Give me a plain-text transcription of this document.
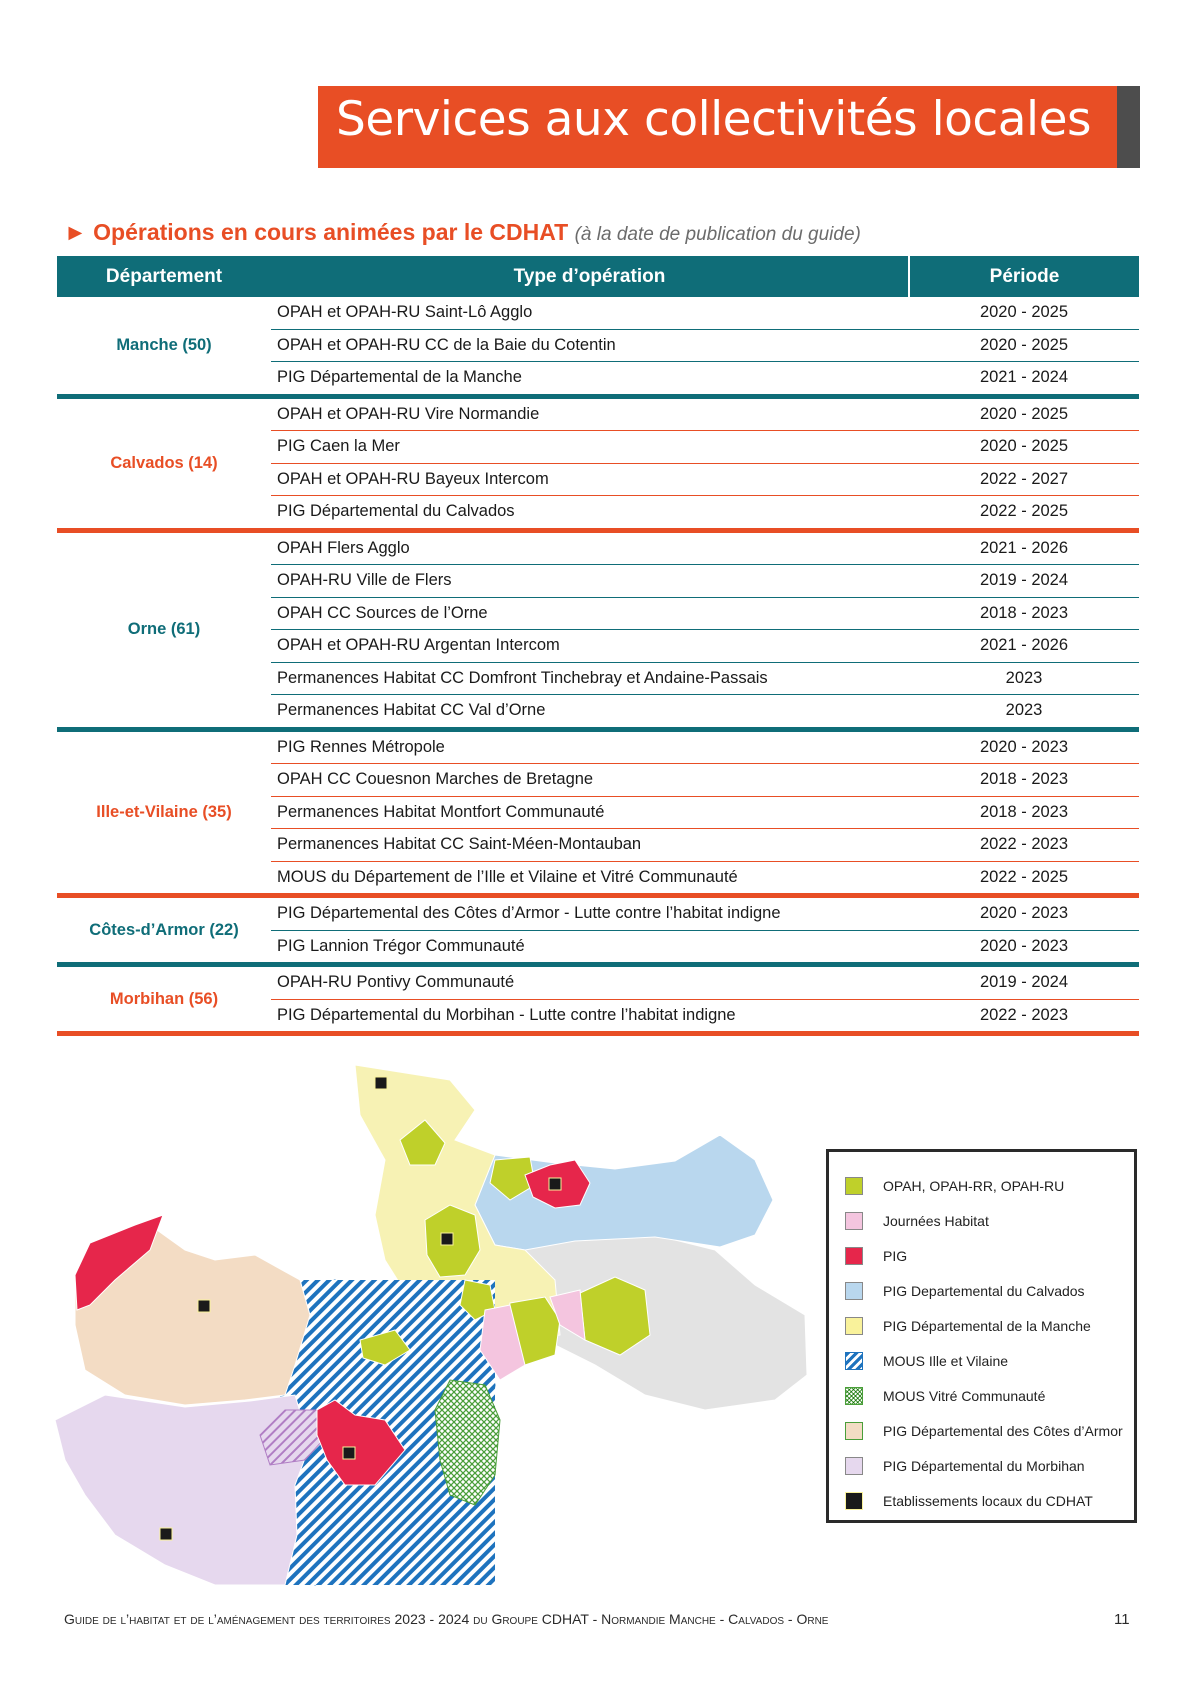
Services aux collectivités locales
► Opérations en cours animées par le CDHAT (à la date de publication du guide)
Département	Type d’opération	Période
Manche (50)	OPAH et OPAH-RU Saint-Lô Agglo	2020 - 2025
	OPAH et OPAH-RU CC de la Baie du Cotentin	2020 - 2025
	PIG Départemental de la Manche	2021 - 2024

Calvados (14)	OPAH et OPAH-RU Vire Normandie	2020 - 2025
	PIG Caen la Mer	2020 - 2025
	OPAH et OPAH-RU Bayeux Intercom	2022 - 2027
	PIG Départemental du Calvados	2022 - 2025

Orne (61)	OPAH Flers Agglo	2021 - 2026
	OPAH-RU Ville de Flers	2019 - 2024
	OPAH CC Sources de l’Orne	2018 - 2023
	OPAH et OPAH-RU Argentan Intercom	2021 - 2026
	Permanences Habitat CC Domfront Tinchebray et Andaine-Passais	2023
	Permanences Habitat CC Val d’Orne	2023

Ille-et-Vilaine (35)	PIG Rennes Métropole	2020 - 2023
	OPAH CC Couesnon Marches de Bretagne	2018 - 2023
	Permanences Habitat Montfort Communauté	2018 - 2023
	Permanences Habitat CC Saint-Méen-Montauban	2022 - 2023
	MOUS du Département de l’Ille et Vilaine et Vitré Communauté	2022 - 2025

Côtes-d’Armor (22)	PIG Départemental des Côtes d’Armor - Lutte contre l’habitat indigne	2020 - 2023
	PIG Lannion Trégor Communauté	2020 - 2023

Morbihan (56)	OPAH-RU Pontivy Communauté	2019 - 2024
	PIG Départemental du Morbihan - Lutte contre l’habitat indigne	2022 - 2023

OPAH, OPAH-RR, OPAH-RU
Journées Habitat
PIG
PIG Departemental du Calvados
PIG Départemental de la Manche
MOUS Ille et Vilaine
MOUS Vitré Communauté
PIG Départemental des Côtes d’Armor
PIG Départemental du Morbihan
Etablissements locaux du CDHAT
Guide de l’habitat et de l’aménagement des territoires 2023 - 2024 du Groupe CDHAT - Normandie Manche - Calvados - Orne	11
